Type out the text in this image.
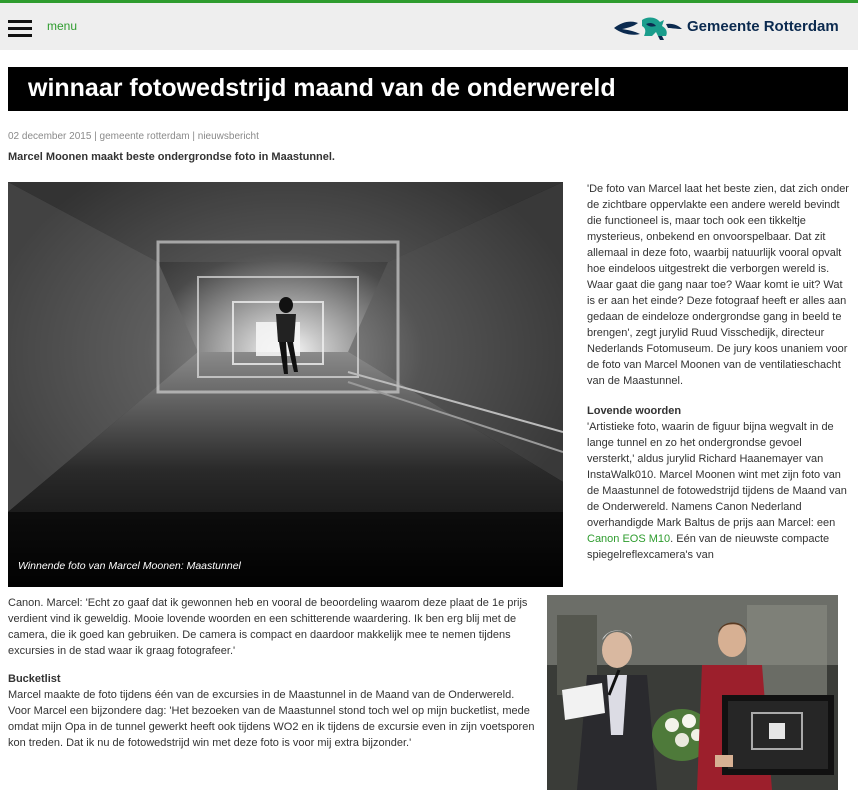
menu	Gemeente Rotterdam
winnaar fotowedstrijd maand van de onderwereld
02 december 2015 | gemeente rotterdam | nieuwsbericht
Marcel Moonen maakt beste ondergrondse foto in Maastunnel.
Winnende foto van Marcel Moonen: Maastunnel

'De foto van Marcel laat het beste zien, dat zich onder de zichtbare oppervlakte een andere wereld bevindt die functioneel is, maar toch ook een tikkeltje mysterieus, onbekend en onvoorspelbaar. Dat zit allemaal in deze foto, waarbij natuurlijk vooral opvalt hoe eindeloos uitgestrekt die verborgen wereld is. Waar gaat die gang naar toe? Waar komt ie uit? Wat is er aan het einde? Deze fotograaf heeft er alles aan gedaan de eindeloze ondergrondse gang in beeld te brengen', zegt jurylid Ruud Visschedijk, directeur Nederlands Fotomuseum. De jury koos unaniem voor de foto van Marcel Moonen van de ventilatieschacht van de Maastunnel.

Lovende woorden

'Artistieke foto, waarin de figuur bijna wegvalt in de lange tunnel en zo het ondergrondse gevoel versterkt,' aldus jurylid Richard Haanemayer van InstaWalk010. Marcel Moonen wint met zijn foto van de Maastunnel de fotowedstrijd tijdens de Maand van de Onderwereld. Namens Canon Nederland overhandigde Mark Baltus de prijs aan Marcel: een Canon EOS M10. Eén van de nieuwste compacte spiegelreflexcamera's van

Canon. Marcel: 'Echt zo gaaf dat ik gewonnen heb en vooral de beoordeling waarom deze plaat de 1e prijs verdient vind ik geweldig. Mooie lovende woorden en een schitterende waardering. Ik ben erg blij met de camera, die ik goed kan gebruiken. De camera is compact en daardoor makkelijk mee te nemen tijdens excursies in de stad waar ik graag fotografeer.'

Bucketlist

Marcel maakte de foto tijdens één van de excursies in de Maastunnel in de Maand van de Onderwereld. Voor Marcel een bijzondere dag: 'Het bezoeken van de Maastunnel stond toch wel op mijn bucketlist, mede omdat mijn Opa in de tunnel gewerkt heeft ook tijdens WO2 en ik tijdens de excursie even in zijn voetsporen kon treden. Dat ik nu de fotowedstrijd win met deze foto is voor mij extra bijzonder.'
